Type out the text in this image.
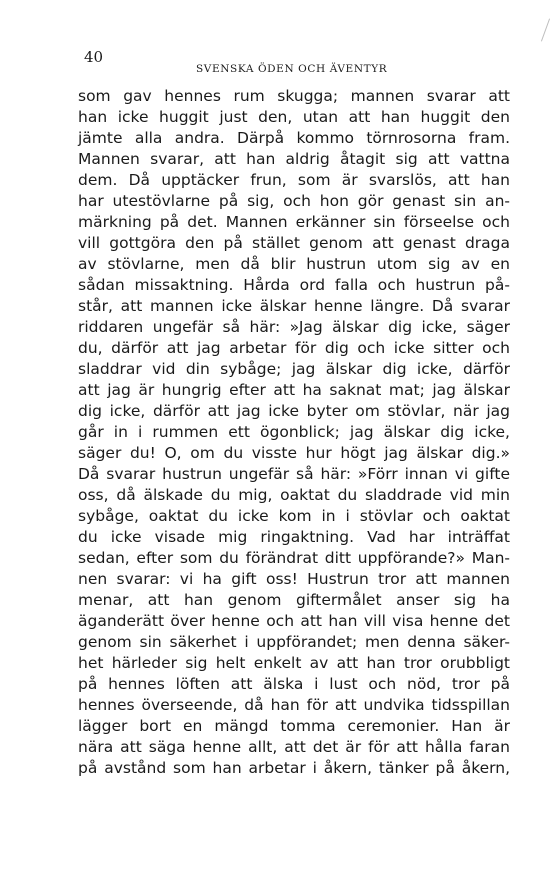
40
SVENSKA ÖDEN OCH ÄVENTYR
som gav hennes rum skugga; mannen svarar att
han icke huggit just den, utan att han huggit den
jämte alla andra. Därpå kommo törnrosorna fram.
Mannen svarar, att han aldrig åtagit sig att vattna
dem. Då upptäcker frun, som är svarslös, att han
har utestövlarne på sig, och hon gör genast sin an-
märkning på det. Mannen erkänner sin förseelse och
vill gottgöra den på stället genom att genast draga
av stövlarne, men då blir hustrun utom sig av en
sådan missaktning. Hårda ord falla och hustrun på-
står, att mannen icke älskar henne längre. Då svarar
riddaren ungefär så här: »Jag älskar dig icke, säger
du, därför att jag arbetar för dig och icke sitter och
sladdrar vid din sybåge; jag älskar dig icke, därför
att jag är hungrig efter att ha saknat mat; jag älskar
dig icke, därför att jag icke byter om stövlar, när jag
går in i rummen ett ögonblick; jag älskar dig icke,
säger du! O, om du visste hur högt jag älskar dig.»
Då svarar hustrun ungefär så här: »Förr innan vi gifte
oss, då älskade du mig, oaktat du sladdrade vid min
sybåge, oaktat du icke kom in i stövlar och oaktat
du icke visade mig ringaktning. Vad har inträffat
sedan, efter som du förändrat ditt uppförande?» Man-
nen svarar: vi ha gift oss! Hustrun tror att mannen
menar, att han genom giftermålet anser sig ha
äganderätt över henne och att han vill visa henne det
genom sin säkerhet i uppförandet; men denna säker-
het härleder sig helt enkelt av att han tror orubbligt
på hennes löften att älska i lust och nöd, tror på
hennes överseende, då han för att undvika tidsspillan
lägger bort en mängd tomma ceremonier. Han är
nära att säga henne allt, att det är för att hålla faran
på avstånd som han arbetar i åkern, tänker på åkern,
